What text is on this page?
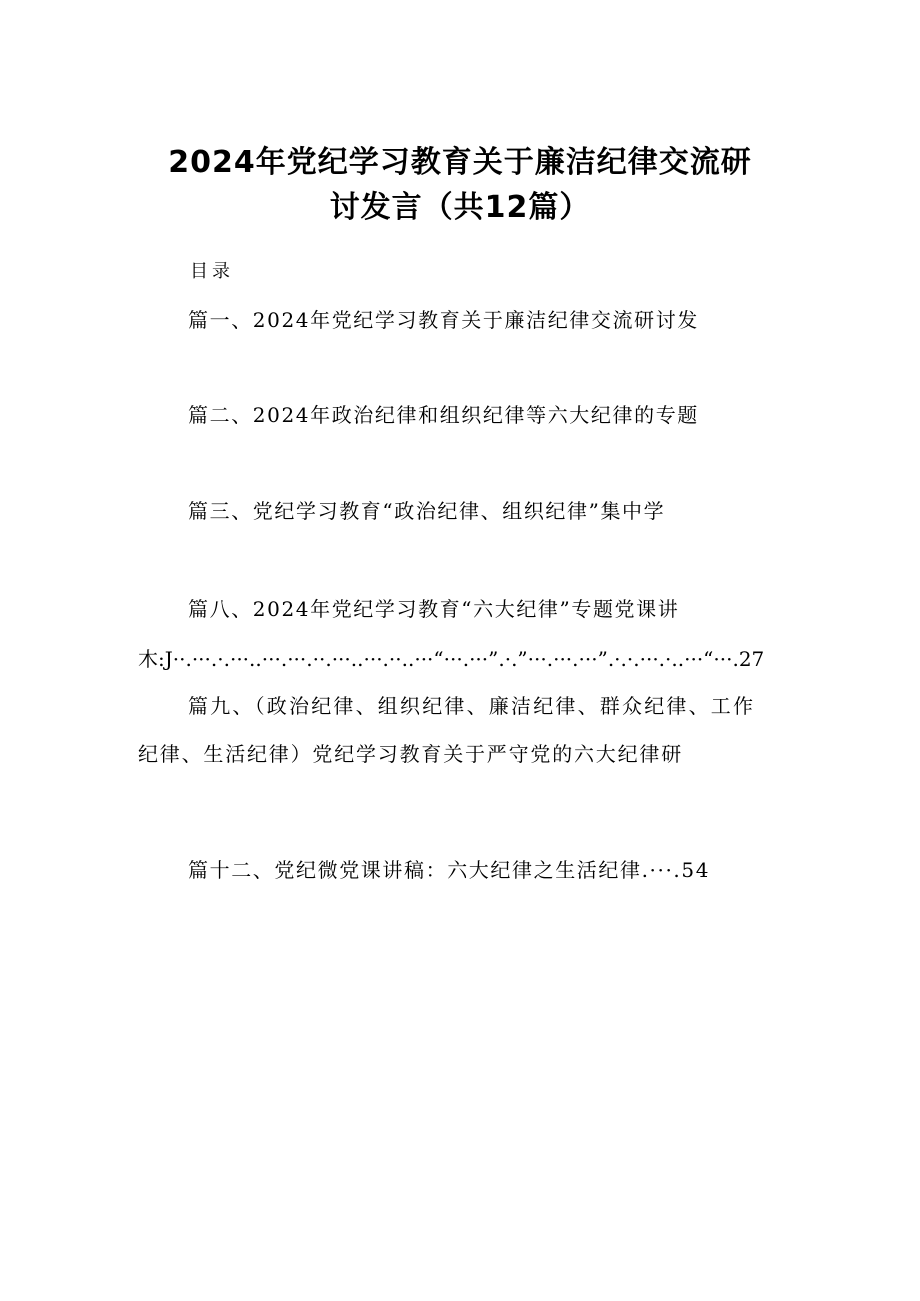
2024年党纪学习教育关于廉洁纪律交流研
讨发言（共12篇）
目录
篇一、2024年党纪学习教育关于廉洁纪律交流研讨发
篇二、2024年政治纪律和组织纪律等六大纪律的专题
篇三、党纪学习教育“政治纪律、组织纪律”集中学
篇八、2024年党纪学习教育“六大纪律”专题党课讲
木:J··.···.·.···..···.···.··.···..···.··..···“···.···”.·.”···.···.···”.·.·.···.·..···“···.27
篇九、（政治纪律、组织纪律、廉洁纪律、群众纪律、工作
纪律、生活纪律）党纪学习教育关于严守党的六大纪律研
篇十二、党纪微党课讲稿：六大纪律之生活纪律.···.54
